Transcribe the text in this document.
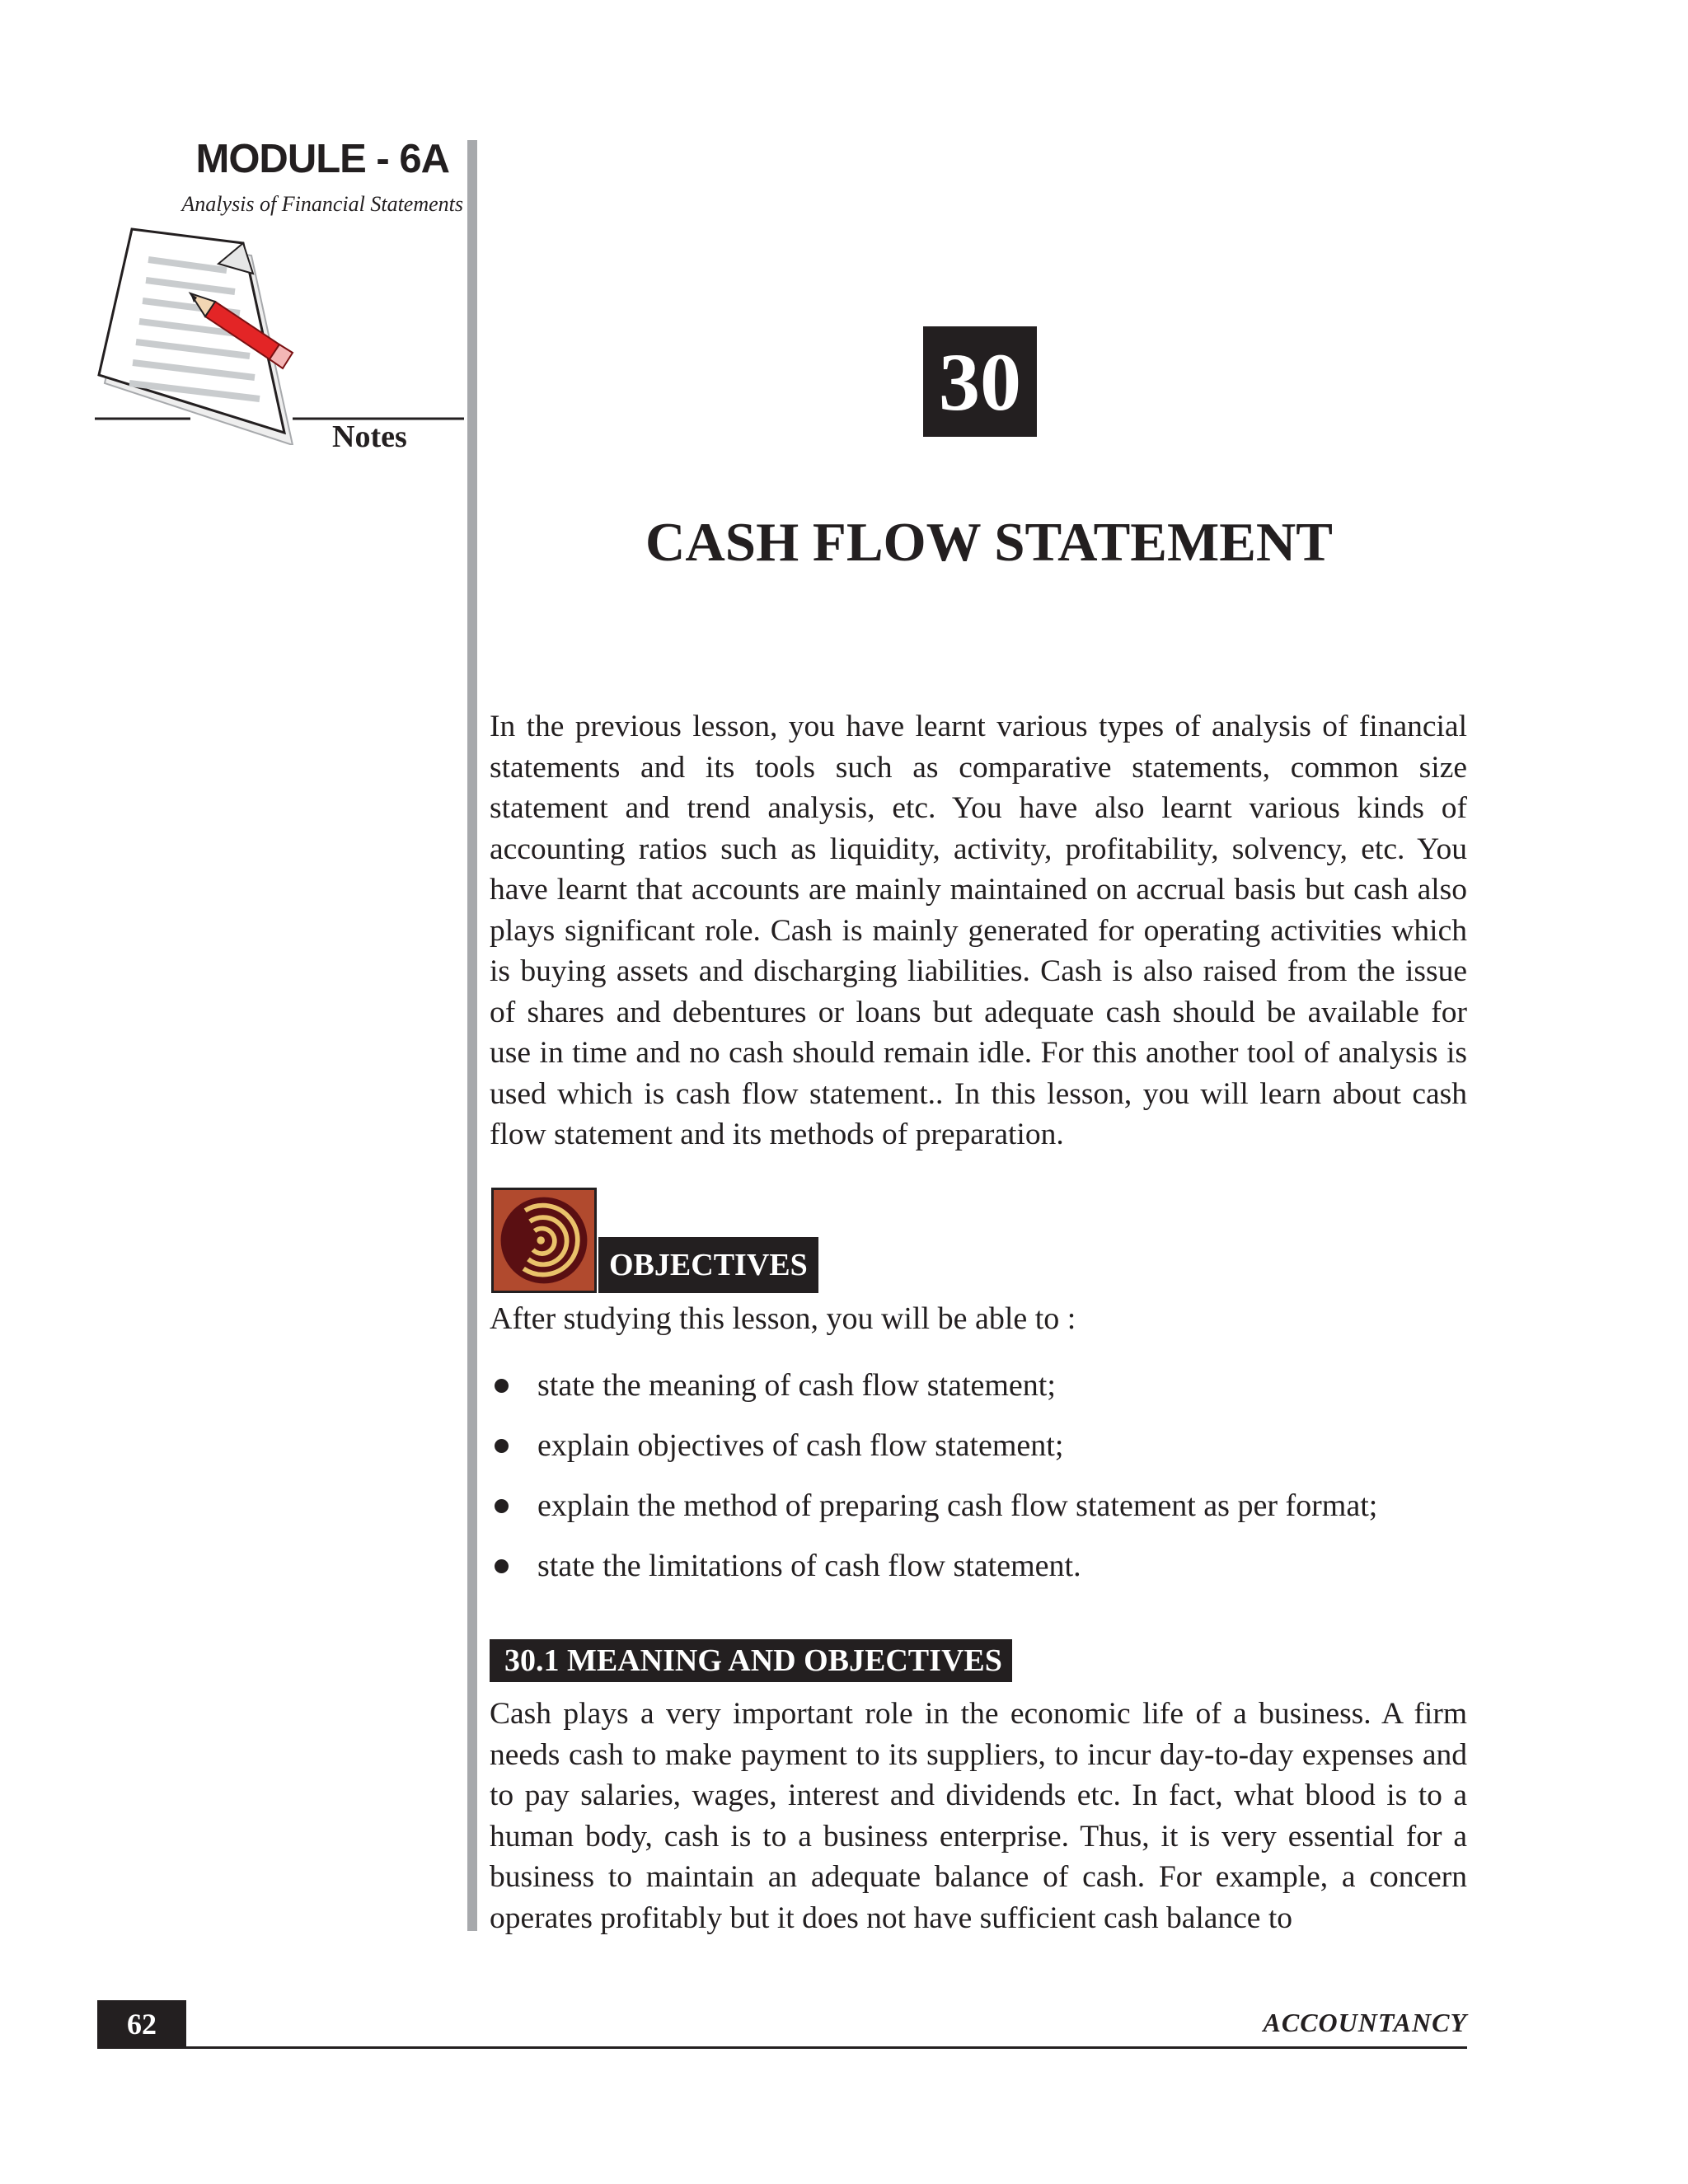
MODULE - 6A
Analysis of Financial Statements
Notes
30
CASH FLOW STATEMENT

In the previous lesson, you have learnt various types of analysis of financial statements and its tools such as comparative statements, common size statement and trend analysis, etc. You have also learnt various kinds of accounting ratios such as liquidity, activity, profitability, solvency, etc. You have learnt that accounts are mainly maintained on accrual basis but cash also plays significant role. Cash is mainly generated for operating activities which is buying assets and discharging liabilities. Cash is also raised from the issue of shares and debentures or loans but adequate cash should be available for use in time and no cash should remain idle. For this another tool of analysis is used which is cash flow statement.. In this lesson, you will learn about cash flow statement and its methods of preparation.

OBJECTIVES
After studying this lesson, you will be able to :
state the meaning of cash flow statement;
explain objectives of cash flow statement;
explain the method of preparing cash flow statement as per format;
state the limitations of cash flow statement.
30.1 MEANING AND OBJECTIVES

Cash plays a very important role in the economic life of a business. A firm needs cash to make payment to its suppliers, to incur day-to-day expenses and to pay salaries, wages, interest and dividends etc. In fact, what blood is to a human body, cash is to a business enterprise. Thus, it is very essential for a business to maintain an adequate balance of cash. For example, a concern operates profitably but it does not have sufficient cash balance to

62	ACCOUNTANCY
